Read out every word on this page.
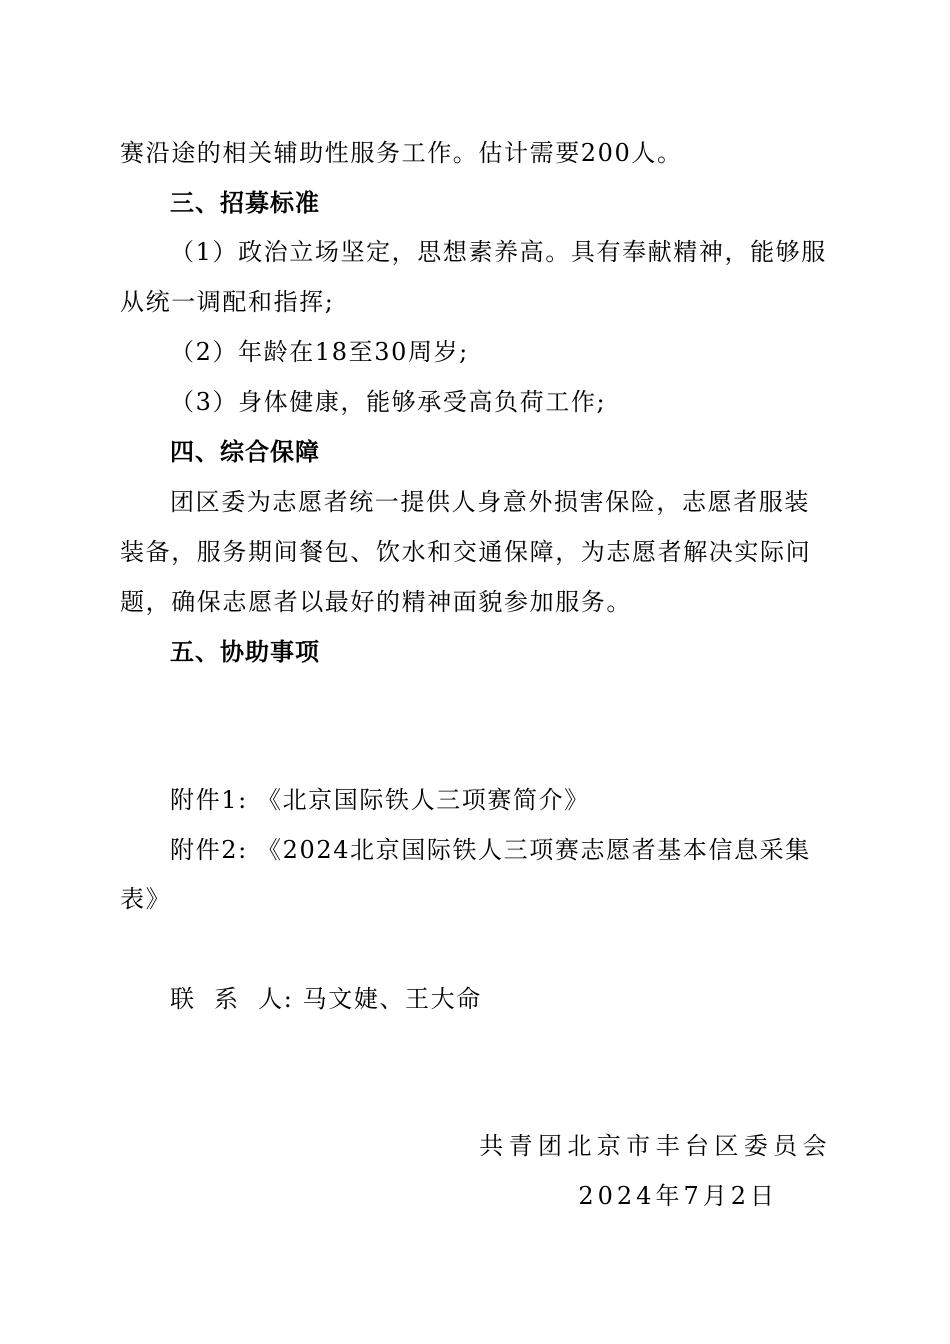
赛沿途的相关辅助性服务工作。估计需要200人。
三、招募标准
（1）政治立场坚定，思想素养高。具有奉献精神，能够服
从统一调配和指挥;
（2）年龄在18至30周岁;
（3）身体健康，能够承受高负荷工作;
四、综合保障
团区委为志愿者统一提供人身意外损害保险，志愿者服装
装备，服务期间餐包、饮水和交通保障，为志愿者解决实际问
题，确保志愿者以最好的精神面貌参加服务。
五、协助事项
附件1: 《北京国际铁人三项赛简介》
附件2: 《2024北京国际铁人三项赛志愿者基本信息采集
表》
联  系  人: 马文婕、王大命
共青团北京市丰台区委员会
2024年7月2日
